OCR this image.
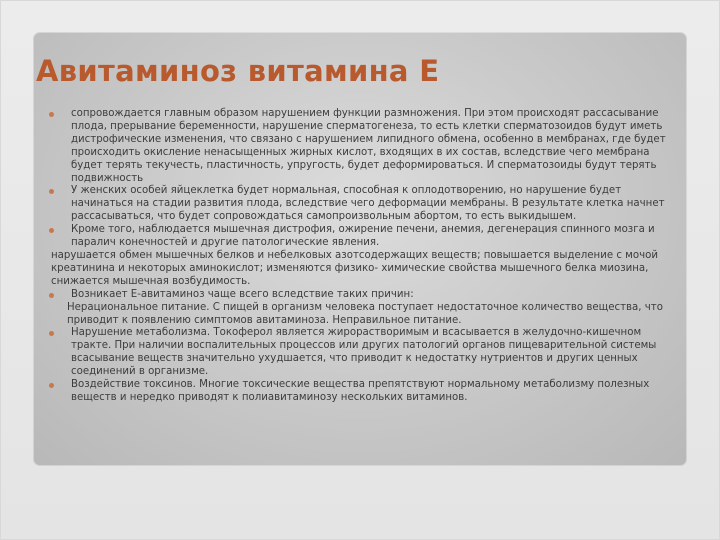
Авитаминоз витамина Е
сопровождается главным образом нарушением функции размножения. При этом происходят рассасывание плода, прерывание беременности, нарушение сперматогенеза, то есть клетки сперматозоидов будут иметь дистрофические изменения, что связано с нарушением липидного обмена, особенно в мембранах, где будет происходить окисление ненасыщенных жирных кислот, входящих в их состав, вследствие чего мембрана будет терять текучесть, пластичность, упругость, будет деформироваться. И сперматозоиды будут терять подвижность
У женских особей яйцеклетка будет нормальная, способная к оплодотворению, но нарушение будет начинаться на стадии развития плода, вследствие чего деформации мембраны. В результате клетка начнет рассасываться, что будет сопровождаться самопроизвольным абортом, то есть выкидышем.
Кроме того, наблюдается мышечная дистрофия, ожирение печени, анемия, дегенерация спинного мозга и паралич конечностей и другие патологические явления.
нарушается обмен мышечных белков и небелковых азотсодержащих веществ; повышается выделение с мочой креатинина и некоторых аминокислот; изменяются физико- химические свойства мышечного белка миозина, снижается мышечная возбудимость.
Возникает Е-авитаминоз чаще всего вследствие таких причин:
Нерациональное питание. С пищей в организм человека поступает недостаточное количество вещества, что приводит к появлению симптомов авитаминоза. Неправильное питание.
Нарушение метаболизма. Токоферол является жирорастворимым и всасывается в желудочно-кишечном тракте. При наличии воспалительных процессов или других патологий органов пищеварительной системы всасывание веществ значительно ухудшается, что приводит к недостатку нутриентов и других ценных соединений в организме.
Воздействие токсинов. Многие токсические вещества препятствуют нормальному метаболизму полезных веществ и нередко приводят к полиавитаминозу нескольких витаминов.
